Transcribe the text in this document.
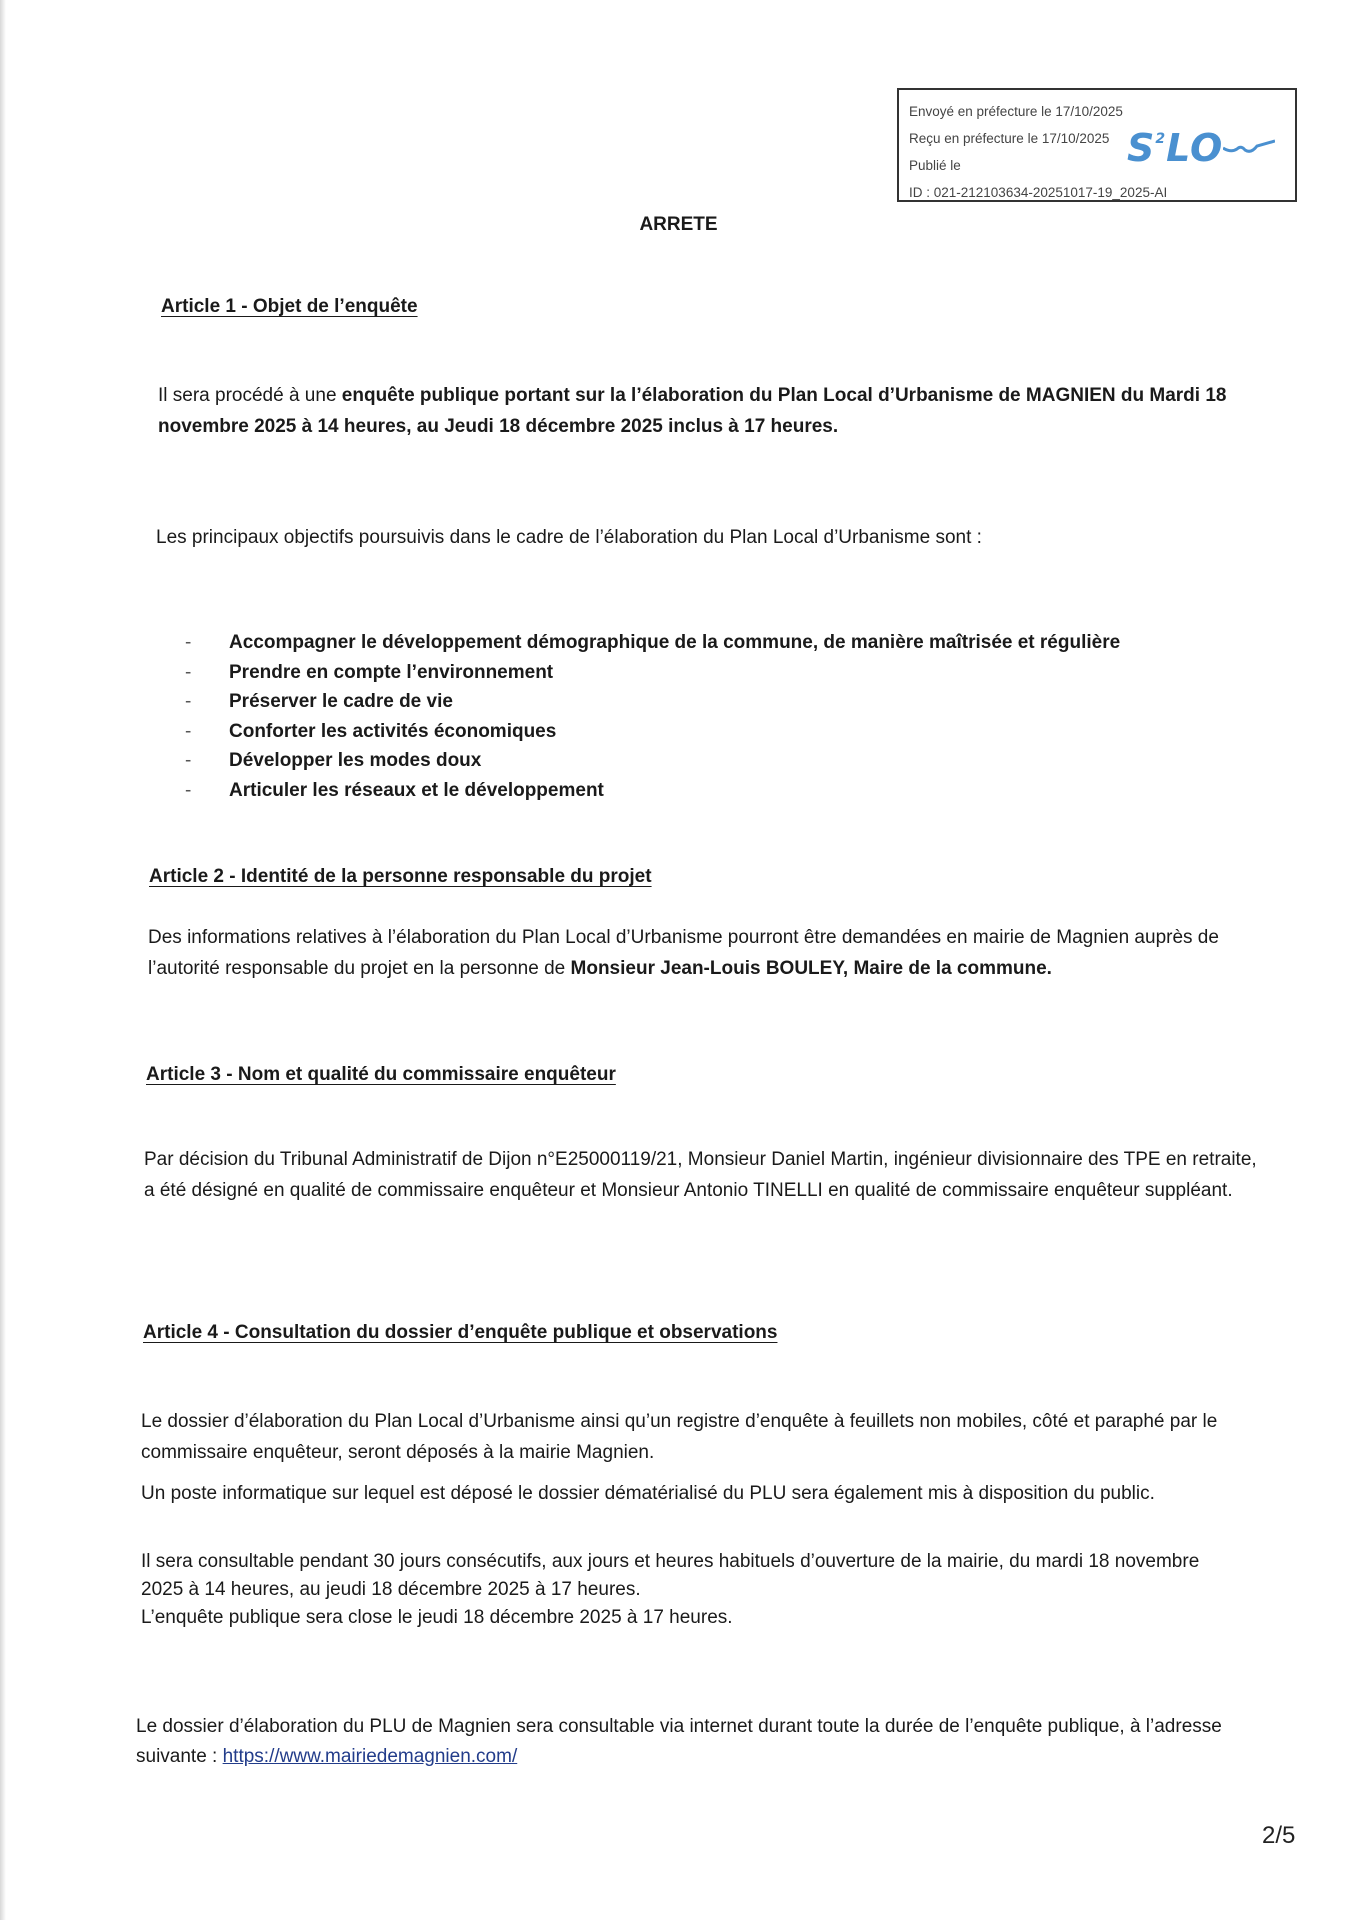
Envoyé en préfecture le 17/10/2025
Reçu en préfecture le 17/10/2025
Publié le
ID : 021-212103634-20251017-19_2025-AI
$S^2LO$
ARRETE
Article 1 - Objet de l’enquête
Il sera procédé à une enquête publique portant sur la l’élaboration du Plan Local d’Urbanisme de MAGNIEN du Mardi 18 novembre 2025 à 14 heures, au Jeudi 18 décembre 2025 inclus à 17 heures.
Les principaux objectifs poursuivis dans le cadre de l’élaboration du Plan Local d’Urbanisme sont :
- Accompagner le développement démographique de la commune, de manière maîtrisée et régulière
- Prendre en compte l’environnement
- Préserver le cadre de vie
- Conforter les activités économiques
- Développer les modes doux
- Articuler les réseaux et le développement
Article 2 - Identité de la personne responsable du projet
Des informations relatives à l’élaboration du Plan Local d’Urbanisme pourront être demandées en mairie de Magnien auprès de l’autorité responsable du projet en la personne de Monsieur Jean-Louis BOULEY, Maire de la commune.
Article 3 - Nom et qualité du commissaire enquêteur
Par décision du Tribunal Administratif de Dijon n°E25000119/21, Monsieur Daniel Martin, ingénieur divisionnaire des TPE en retraite, a été désigné en qualité de commissaire enquêteur et Monsieur Antonio TINELLI en qualité de commissaire enquêteur suppléant.
Article 4 - Consultation du dossier d’enquête publique et observations
Le dossier d’élaboration du Plan Local d’Urbanisme ainsi qu’un registre d’enquête à feuillets non mobiles, côté et paraphé par le commissaire enquêteur, seront déposés à la mairie Magnien.
Un poste informatique sur lequel est déposé le dossier dématérialisé du PLU sera également mis à disposition du public.
Il sera consultable pendant 30 jours consécutifs, aux jours et heures habituels d’ouverture de la mairie, du mardi 18 novembre 2025 à 14 heures, au jeudi 18 décembre 2025 à 17 heures.
L’enquête publique sera close le jeudi 18 décembre 2025 à 17 heures.
Le dossier d’élaboration du PLU de Magnien sera consultable via internet durant toute la durée de l’enquête publique, à l’adresse suivante : https://www.mairiedemagnien.com/
2/5
